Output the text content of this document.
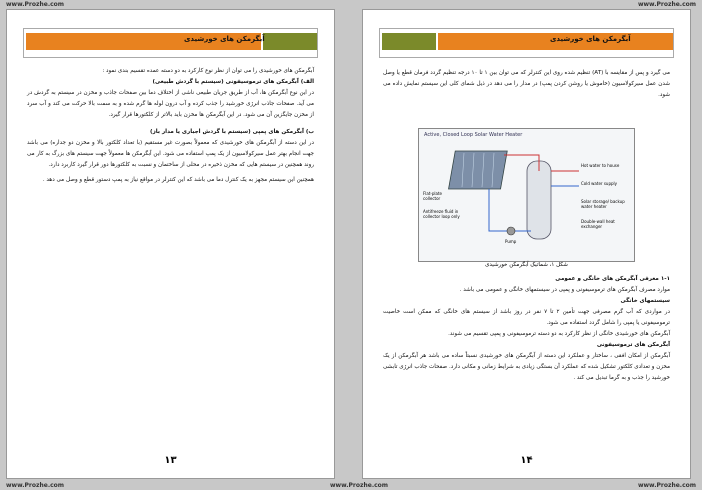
www.Prozhe.com	www.Prozhe.com
www.Prozhe.com	www.Prozhe.com	www.Prozhe.com
آبگرمکن های خورشیدی

آبگرمکن های خورشیدی را می توان از نظر نوع کارکرد به دو دسته عمده تقسیم بندی نمود :

الف) آبگرمکن های ترموسیفونی (سیستم با گردش طبیعی)

در این نوع آبگرمکن ها، آب از طریق جریان طبیعی ناشی از اختلاف دما بین صفحات جاذب و مخزن در سیستم به گردش در می آید. صفحات جاذب انرژی خورشید را جذب کرده و آب درون لوله ها گرم شده و به سمت بالا حرکت می کند و آب سرد از مخزن جایگزین آن می شود. در این آبگرمکن ها مخزن باید بالاتر از کلکتورها قرار گیرد.

ب) آبگرمکن های پمپی (سیستم با گردش اجباری یا مدار باز)

در این دسته از آبگرمکن های خورشیدی که معمولاً بصورت غیر مستقیم (با تعداد کلکتور بالا و مخزن دو جداره) می باشد جهت انجام بهتر عمل سیرکولاسیون از یک پمپ استفاده می شود. این آبگرمکن ها معمولاً جهت سیستم های بزرگ به کار می روند همچنین در سیستم هایی که مخزن ذخیره در محلی از ساختمان و نسبت به کلکتورها دور قرار گیرد کاربرد دارد.

همچنین این سیستم مجهز به یک کنترل دما می باشد که این کنترلر در مواقع نیاز به پمپ دستور قطع و وصل می دهد .

۱۳
آبگرمکن های خورشیدی

می گیرد و پس از مقایسه با (AT) تنظیم شده روی این کنترلر که می توان بین ۱ تا ۱۰ درجه تنظیم گردد فرمان قطع یا وصل شدن عمل سیرکولاسیون (خاموش یا روشن کردن پمپ) در مدار را می دهد در ذیل شمای کلی این سیستم نمایش داده می شود.

Active, Closed Loop Solar Water Heater
Flat-plate collector
Antifreeze fluid in collector loop only
Hot water to house
Cold water supply
Solar storage/ backup water heater
Double-wall heat exchanger
Pump
شکل ۱، شماتیک آبگرمکن خورشیدی

۱-۱ معرفی آبگرمکن های خانگی و عمومی

موارد مصرف آبگرمکن های ترموسیفونی و پمپی در سیستمهای خانگی و عمومی می باشد .

سیستمهای خانگی

در مواردی که آب گرم مصرفی جهت تأمین ۲ تا ۷ نفر در روز باشد از سیستم های خانگی که ممکن است خاصیت ترموسیفونی یا پمپی را شامل گردد استفاده می شود.

آبگرمکن های خورشیدی خانگی از نظر کارکرد به دو دسته ترموسیفونی و پمپی تقسیم می شوند.

آبگرمکن های ترموسیفونی

آبگرمکن از امکان افقی ، ساختار و عملکرد این دسته از آبگرمکن های خورشیدی نسبتاً ساده می باشد هر آبگرمکن از یک مخزن و تعدادی کلکتور تشکیل شده که عملکرد آن بستگی زیادی به شرایط زمانی و مکانی دارد. صفحات جاذب انرژی تابشی خورشید را جذب و به گرما تبدیل می کند .

۱۴
